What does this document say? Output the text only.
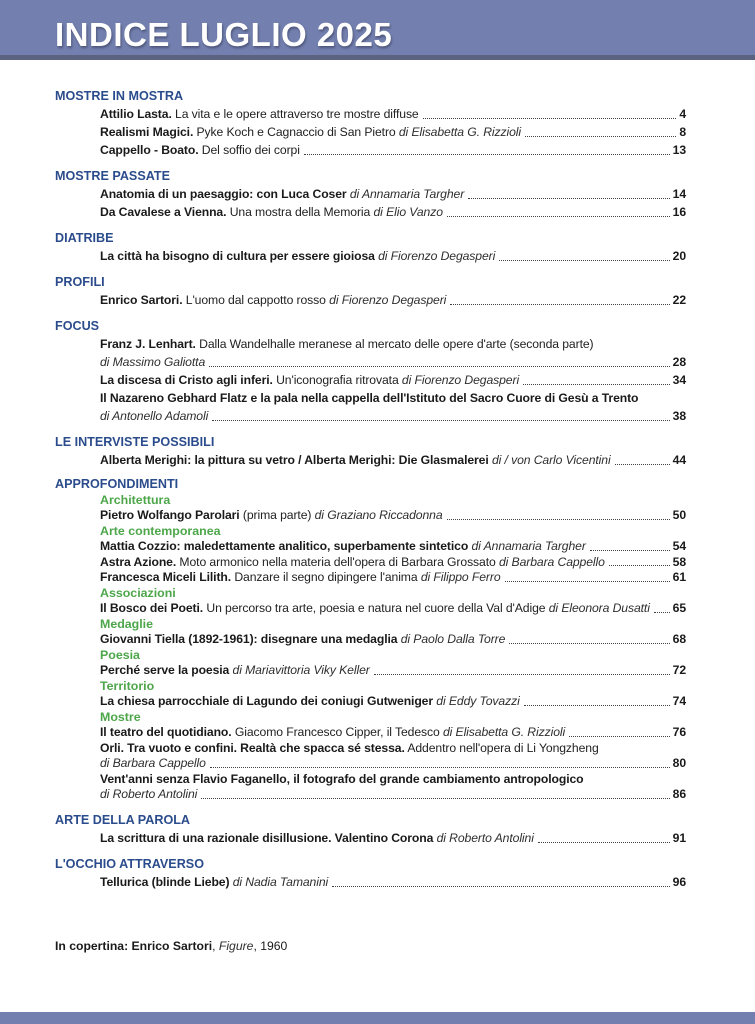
INDICE LUGLIO 2025
MOSTRE IN MOSTRA
Attilio Lasta. La vita e le opere attraverso tre mostre diffuse	4
Realismi Magici. Pyke Koch e Cagnaccio di San Pietro di Elisabetta G. Rizzioli	8
Cappello - Boato. Del soffio dei corpi	13
MOSTRE PASSATE
Anatomia di un paesaggio: con Luca Coser di Annamaria Targher	14
Da Cavalese a Vienna. Una mostra della Memoria di Elio Vanzo	16
DIATRIBE
La città ha bisogno di cultura per essere gioiosa di Fiorenzo Degasperi	20
PROFILI
Enrico Sartori. L'uomo dal cappotto rosso di Fiorenzo Degasperi	22
FOCUS
Franz J. Lenhart. Dalla Wandelhalle meranese al mercato delle opere d'arte (seconda parte)
di Massimo Galiotta	28
La discesa di Cristo agli inferi. Un'iconografia ritrovata di Fiorenzo Degasperi	34
Il Nazareno Gebhard Flatz e la pala nella cappella dell'Istituto del Sacro Cuore di Gesù a Trento
di Antonello Adamoli	38
LE INTERVISTE POSSIBILI
Alberta Merighi: la pittura su vetro / Alberta Merighi: Die Glasmalerei di / von Carlo Vicentini	44
APPROFONDIMENTI
Architettura
Pietro Wolfango Parolari (prima parte) di Graziano Riccadonna	50
Arte contemporanea
Mattia Cozzio: maledettamente analitico, superbamente sintetico di Annamaria Targher	54
Astra Azione. Moto armonico nella materia dell'opera di Barbara Grossato di Barbara Cappello	58
Francesca Miceli Lilith. Danzare il segno dipingere l'anima di Filippo Ferro	61
Associazioni
Il Bosco dei Poeti. Un percorso tra arte, poesia e natura nel cuore della Val d'Adige di Eleonora Dusatti 65
Medaglie
Giovanni Tiella (1892-1961): disegnare una medaglia di Paolo Dalla Torre	68
Poesia
Perché serve la poesia di Mariavittoria Viky Keller	72
Territorio
La chiesa parrocchiale di Lagundo dei coniugi Gutweniger di Eddy Tovazzi	74
Mostre
Il teatro del quotidiano. Giacomo Francesco Cipper, il Tedesco di Elisabetta G. Rizzioli	76
Orli. Tra vuoto e confini. Realtà che spacca sé stessa. Addentro nell'opera di Li Yongzheng
di Barbara Cappello	80
Vent'anni senza Flavio Faganello, il fotografo del grande cambiamento antropologico
di Roberto Antolini	86
ARTE DELLA PAROLA
La scrittura di una razionale disillusione. Valentino Corona di Roberto Antolini	91
L'OCCHIO ATTRAVERSO
Tellurica (blinde Liebe) di Nadia Tamanini	96
In copertina: Enrico Sartori, Figure, 1960
